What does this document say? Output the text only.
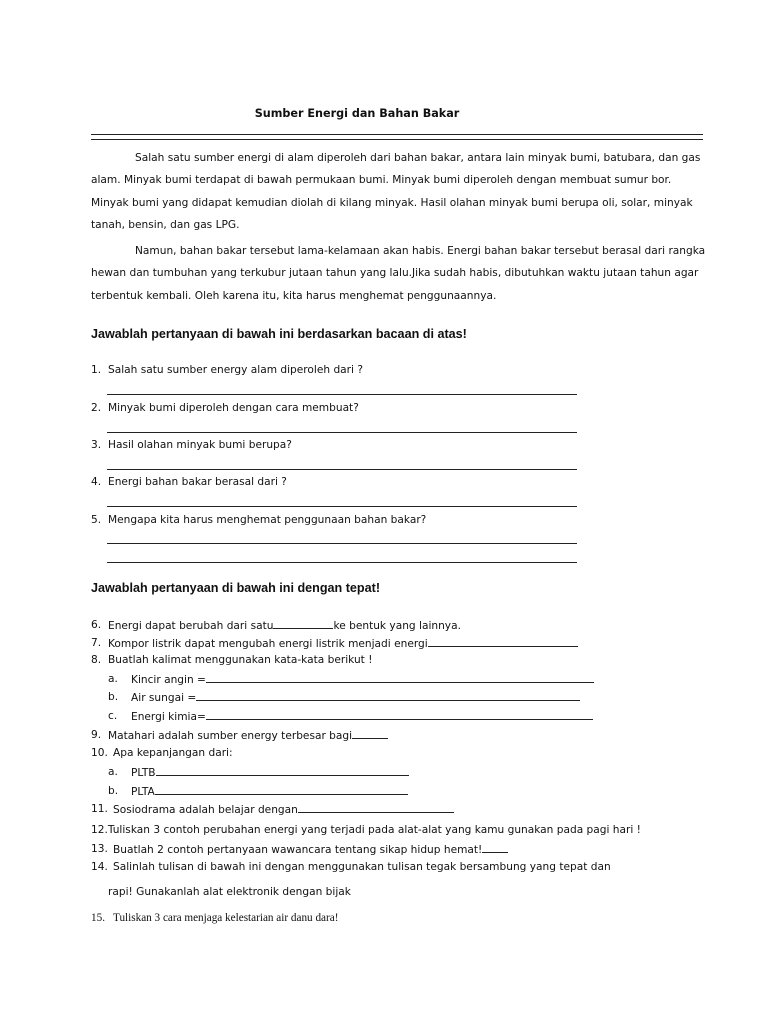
Sumber Energi dan Bahan Bakar
Salah satu sumber energi di alam diperoleh dari bahan bakar, antara lain minyak bumi, batubara, dan gas
alam. Minyak bumi terdapat di bawah permukaan bumi. Minyak bumi diperoleh dengan membuat sumur bor.
Minyak bumi yang didapat kemudian diolah di kilang minyak. Hasil olahan minyak bumi berupa oli, solar, minyak
tanah, bensin, dan gas LPG.
Namun, bahan bakar tersebut lama-kelamaan akan habis. Energi bahan bakar tersebut berasal dari rangka
hewan dan tumbuhan yang terkubur jutaan tahun yang lalu.Jika sudah habis, dibutuhkan waktu jutaan tahun agar
terbentuk kembali. Oleh karena itu, kita harus menghemat penggunaannya.
Jawablah pertanyaan di bawah ini berdasarkan bacaan di atas!
1. Salah satu sumber energy alam diperoleh dari ?
2. Minyak bumi diperoleh dengan cara membuat?
3. Hasil olahan minyak bumi berupa?
4. Energi bahan bakar berasal dari ?
5. Mengapa kita harus menghemat penggunaan bahan bakar?
Jawablah pertanyaan di bawah ini dengan tepat!
6. Energi dapat berubah dari satu	ke bentuk yang lainnya.
7. Kompor listrik dapat mengubah energi listrik menjadi energi
8. Buatlah kalimat menggunakan kata-kata berikut !
a. Kincir angin =
b. Air sungai =
c. Energi kimia=
9. Matahari adalah sumber energy terbesar bagi
10. Apa kepanjangan dari:
a. PLTB
b. PLTA
11. Sosiodrama adalah belajar dengan
12.Tuliskan 3 contoh perubahan energi yang terjadi pada alat-alat yang kamu gunakan pada pagi hari !
13. Buatlah 2 contoh pertanyaan wawancara tentang sikap hidup hemat!
14. Salinlah tulisan di bawah ini dengan menggunakan tulisan tegak bersambung yang tepat dan
rapi! Gunakanlah alat elektronik dengan bijak
15. Tuliskan 3 cara menjaga kelestarian air danu dara!
